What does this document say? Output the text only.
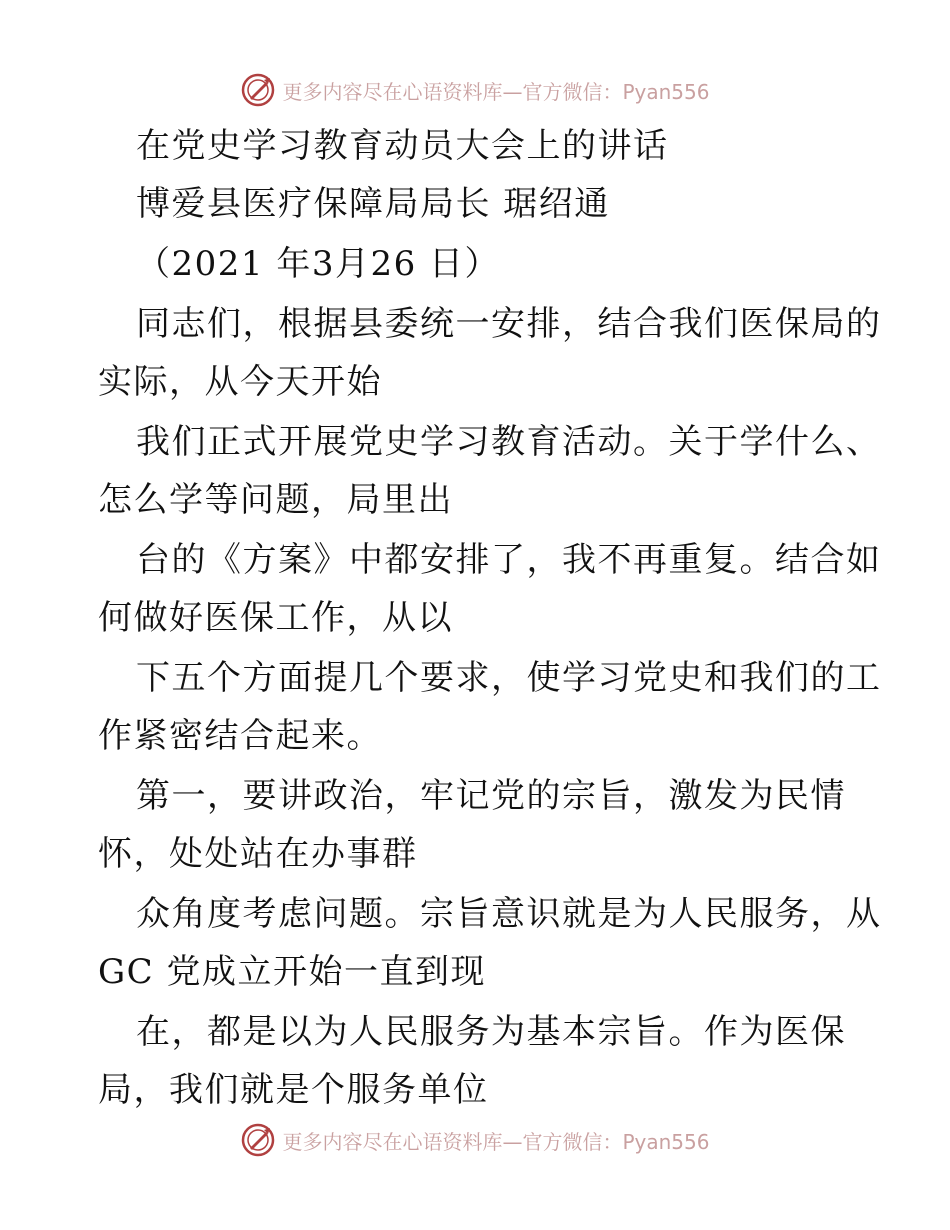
更多内容尽在心语资料库—官方微信：Pyan556
在党史学习教育动员大会上的讲话
博爱县医疗保障局局长 琚绍通
（2021 年3月26 日）
同志们，根据县委统一安排，结合我们医保局的
实际，从今天开始
我们正式开展党史学习教育活动。关于学什么、
怎么学等问题，局里出
台的《方案》中都安排了，我不再重复。结合如
何做好医保工作，从以
下五个方面提几个要求，使学习党史和我们的工
作紧密结合起来。
第一，要讲政治，牢记党的宗旨，激发为民情
怀，处处站在办事群
众角度考虑问题。宗旨意识就是为人民服务，从
GC 党成立开始一直到现
在，都是以为人民服务为基本宗旨。作为医保
局，我们就是个服务单位
更多内容尽在心语资料库—官方微信：Pyan556
